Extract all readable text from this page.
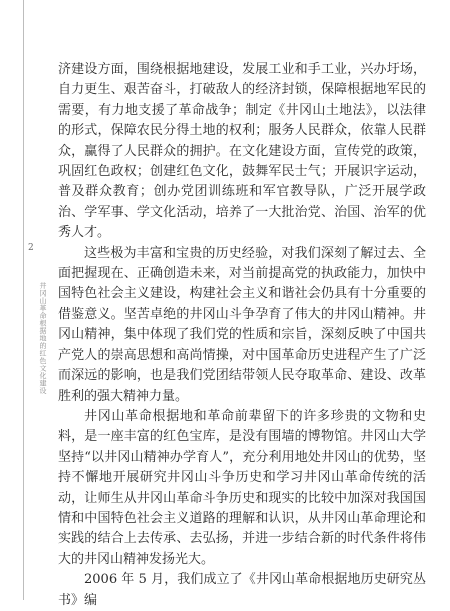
2
井冈山革命根据地的红色文化建设

济建设方面，围绕根据地建设，发展工业和手工业，兴办圩场，自力更生、艰苦奋斗，打破敌人的经济封锁，保障根据地军民的需要，有力地支援了革命战争；制定《井冈山土地法》，以法律的形式，保障农民分得土地的权利；服务人民群众，依靠人民群众，赢得了人民群众的拥护。在文化建设方面，宣传党的政策，巩固红色政权；创建红色文化，鼓舞军民士气；开展识字运动，普及群众教育；创办党团训练班和军官教导队，广泛开展学政治、学军事、学文化活动，培养了一大批治党、治国、治军的优秀人才。

这些极为丰富和宝贵的历史经验，对我们深刻了解过去、全面把握现在、正确创造未来，对当前提高党的执政能力，加快中国特色社会主义建设，构建社会主义和谐社会仍具有十分重要的借鉴意义。坚苦卓绝的井冈山斗争孕育了伟大的井冈山精神。井冈山精神，集中体现了我们党的性质和宗旨，深刻反映了中国共产党人的崇高思想和高尚情操，对中国革命历史进程产生了广泛而深远的影响，也是我们党团结带领人民夺取革命、建设、改革胜利的强大精神力量。

井冈山革命根据地和革命前辈留下的许多珍贵的文物和史料，是一座丰富的红色宝库，是没有围墙的博物馆。井冈山大学坚持“以井冈山精神办学育人”，充分利用地处井冈山的优势，坚持不懈地开展研究井冈山斗争历史和学习井冈山革命传统的活动，让师生从井冈山革命斗争历史和现实的比较中加深对我国国情和中国特色社会主义道路的理解和认识，从井冈山革命理论和实践的结合上去传承、去弘扬，并进一步结合新的时代条件将伟大的井冈山精神发扬光大。

2006 年 5 月，我们成立了《井冈山革命根据地历史研究丛书》编
